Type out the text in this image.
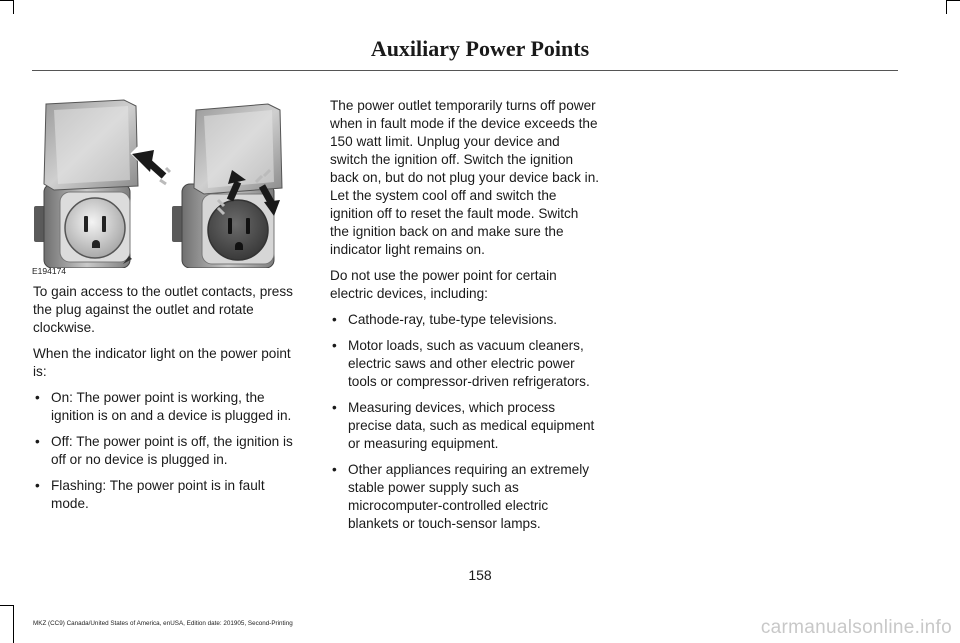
Auxiliary Power Points
E194174

To gain access to the outlet contacts, press the plug against the outlet and rotate clockwise.

When the indicator light on the power point is:

• On: The power point is working, the ignition is on and a device is plugged in.
• Off: The power point is off, the ignition is off or no device is plugged in.
• Flashing: The power point is in fault mode.

The power outlet temporarily turns off power when in fault mode if the device exceeds the 150 watt limit. Unplug your device and switch the ignition off. Switch the ignition back on, but do not plug your device back in. Let the system cool off and switch the ignition off to reset the fault mode. Switch the ignition back on and make sure the indicator light remains on.

Do not use the power point for certain electric devices, including:

• Cathode-ray, tube-type televisions.
• Motor loads, such as vacuum cleaners, electric saws and other electric power tools or compressor-driven refrigerators.
• Measuring devices, which process precise data, such as medical equipment or measuring equipment.
• Other appliances requiring an extremely stable power supply such as microcomputer-controlled electric blankets or touch-sensor lamps.
158
MKZ (CC9) Canada/United States of America, enUSA, Edition date: 201905, Second-Printing	carmanualsonline.info
